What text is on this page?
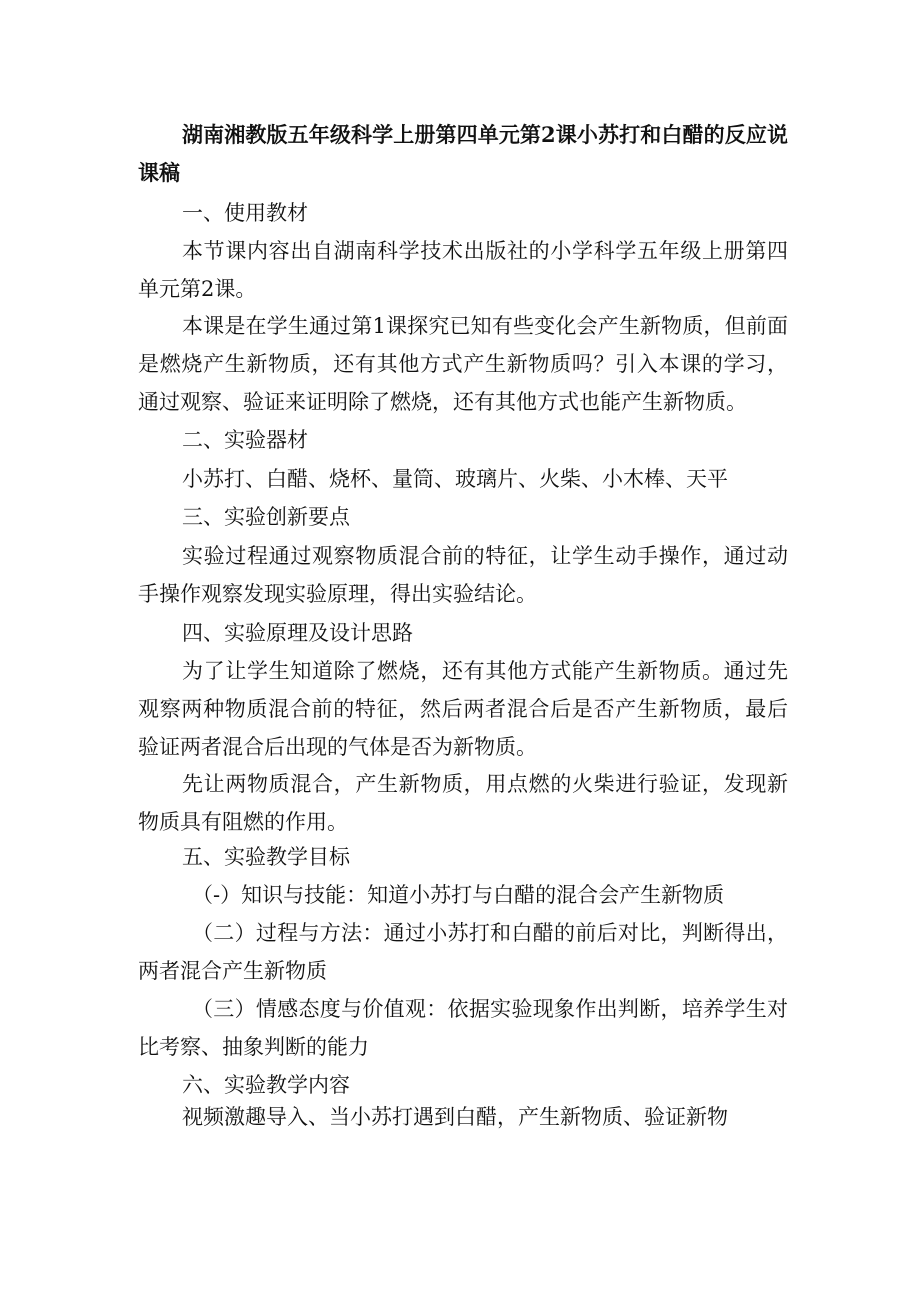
湖南湘教版五年级科学上册第四单元第2课小苏打和白醋的反应说课稿

一、使用教材

本节课内容出自湖南科学技术出版社的小学科学五年级上册第四单元第2课。

本课是在学生通过第1课探究已知有些变化会产生新物质，但前面是燃烧产生新物质，还有其他方式产生新物质吗？引入本课的学习，通过观察、验证来证明除了燃烧，还有其他方式也能产生新物质。

二、实验器材

小苏打、白醋、烧杯、量筒、玻璃片、火柴、小木棒、天平

三、实验创新要点

实验过程通过观察物质混合前的特征，让学生动手操作，通过动手操作观察发现实验原理，得出实验结论。

四、实验原理及设计思路

为了让学生知道除了燃烧，还有其他方式能产生新物质。通过先观察两种物质混合前的特征，然后两者混合后是否产生新物质，最后验证两者混合后出现的气体是否为新物质。

先让两物质混合，产生新物质，用点燃的火柴进行验证，发现新物质具有阻燃的作用。

五、实验教学目标

（-）知识与技能：知道小苏打与白醋的混合会产生新物质

（二）过程与方法：通过小苏打和白醋的前后对比，判断得出，两者混合产生新物质

（三）情感态度与价值观：依据实验现象作出判断，培养学生对比考察、抽象判断的能力

六、实验教学内容

视频激趣导入、当小苏打遇到白醋，产生新物质、验证新物
